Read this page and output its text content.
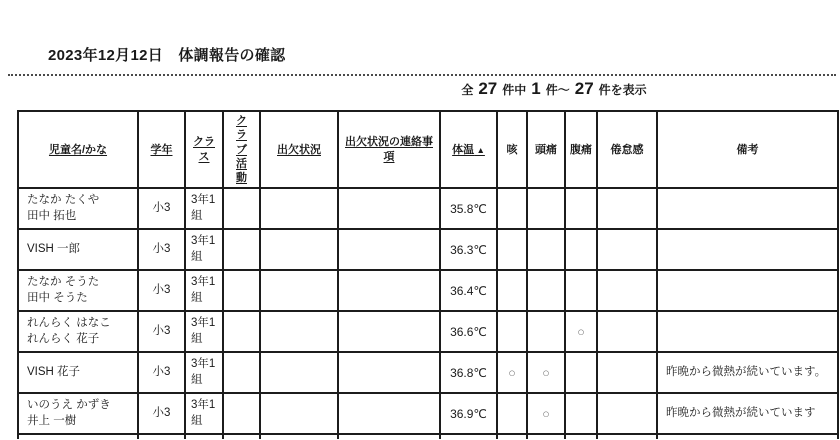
2023年12月12日　体調報告の確認
全 27 件中 1 件～ 27 件を表示
児童名/かな	学年	クラス	クラブ活動	出欠状況	出欠状況の連絡事項	体温 ▲	咳	頭痛	腹痛	倦怠感	備考

たなか たくや
田中 拓也	小3	3年1組				35.8℃					

VISH 一郎	小3	3年1組				36.3℃					

たなか そうた
田中 そうた	小3	3年1組				36.4℃					

れんらく はなこ
れんらく 花子	小3	3年1組				36.6℃			○		

VISH 花子	小3	3年1組				36.8℃	○	○			昨晩から微熱が続いています。

いのうえ かずき
井上 一樹	小3	3年1組				36.9℃		○			昨晩から微熱が続いています
